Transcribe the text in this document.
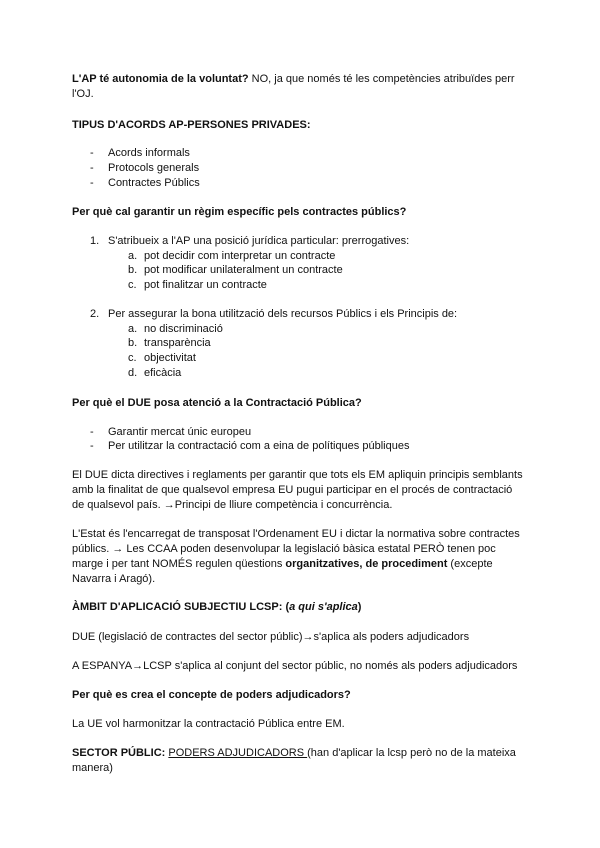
L'AP té autonomia de la voluntat? NO, ja que només té les competències atribuïdes perr
l'OJ.
TIPUS D'ACORDS AP-PERSONES PRIVADES:
- Acords informals
- Protocols generals
- Contractes Públics
Per què cal garantir un règim específic pels contractes públics?
1. S'atribueix a l'AP una posició jurídica particular: prerrogatives:
a. pot decidir com interpretar un contracte
b. pot modificar unilateralment un contracte
c. pot finalitzar un contracte
2. Per assegurar la bona utilització dels recursos Públics i els Principis de:
a. no discriminació
b. transparència
c. objectivitat
d. eficàcia
Per què el DUE posa atenció a la Contractació Pública?
- Garantir mercat únic europeu
- Per utilitzar la contractació com a eina de polítiques públiques
El DUE dicta directives i reglaments per garantir que tots els EM apliquin principis semblants
amb la finalitat de que qualsevol empresa EU pugui participar en el procés de contractació
de qualsevol país. →Principi de lliure competència i concurrència.
L'Estat és l'encarregat de transposat l'Ordenament EU i dictar la normativa sobre contractes
públics. → Les CCAA poden desenvolupar la legislació bàsica estatal PERÒ tenen poc
marge i per tant NOMÉS regulen qüestions organitzatives, de procediment (excepte
Navarra i Aragó).
ÀMBIT D'APLICACIÓ SUBJECTIU LCSP: (a qui s'aplica)
DUE (legislació de contractes del sector públic)→s'aplica als poders adjudicadors
A ESPANYA→LCSP s'aplica al conjunt del sector públic, no només als poders adjudicadors
Per què es crea el concepte de poders adjudicadors?
La UE vol harmonitzar la contractació Pública entre EM.
SECTOR PÚBLIC: PODERS ADJUDICADORS (han d'aplicar la lcsp però no de la mateixa
manera)
